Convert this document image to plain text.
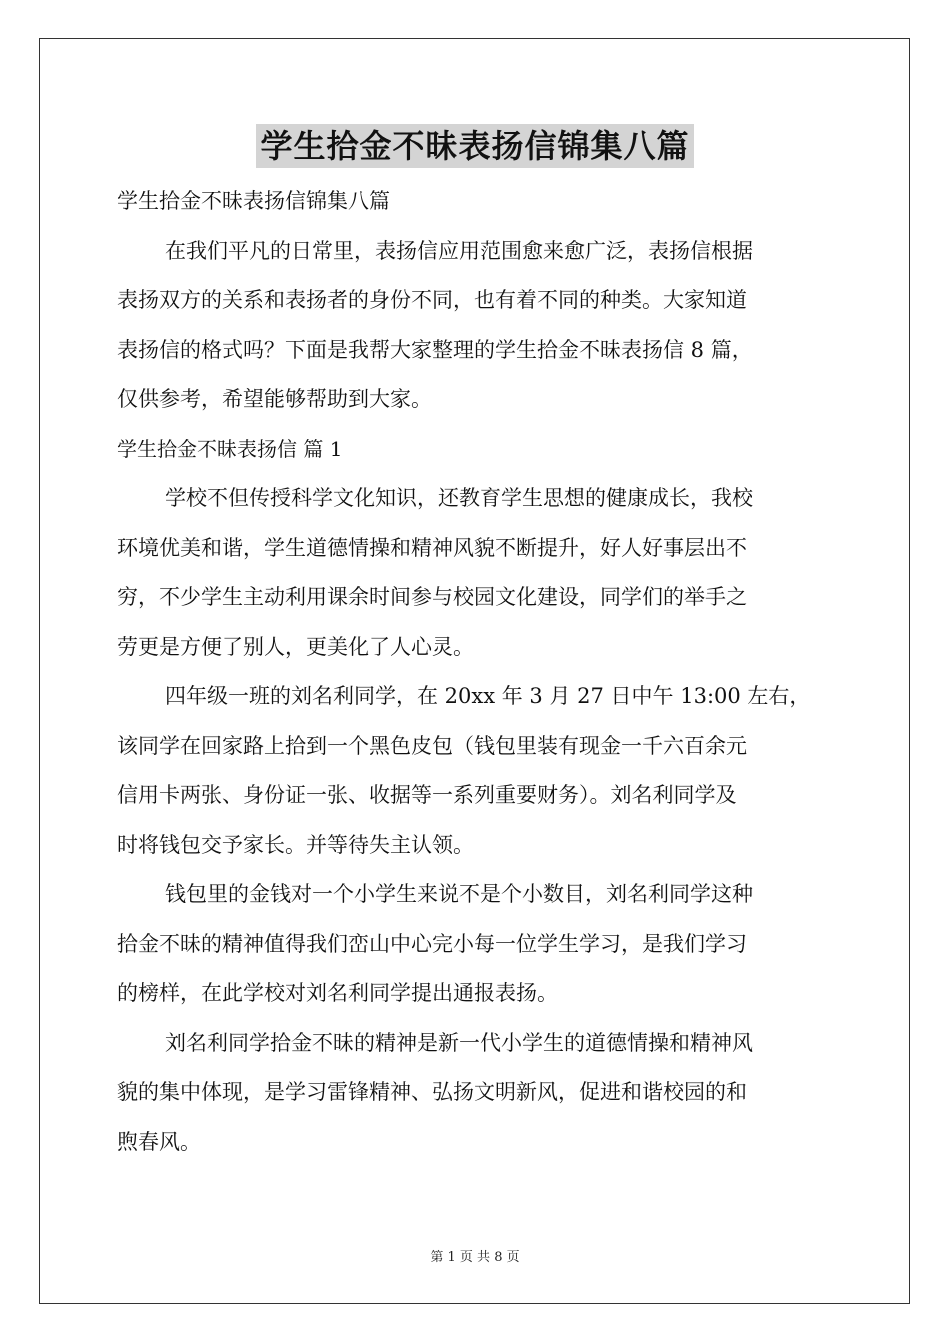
学生拾金不昧表扬信锦集八篇

学生拾金不昧表扬信锦集八篇

在我们平凡的日常里，表扬信应用范围愈来愈广泛，表扬信根据

表扬双方的关系和表扬者的身份不同，也有着不同的种类。大家知道

表扬信的格式吗？下面是我帮大家整理的学生拾金不昧表扬信 8 篇，

仅供参考，希望能够帮助到大家。

学生拾金不昧表扬信 篇 1

学校不但传授科学文化知识，还教育学生思想的健康成长，我校

环境优美和谐，学生道德情操和精神风貌不断提升，好人好事层出不

穷，不少学生主动利用课余时间参与校园文化建设，同学们的举手之

劳更是方便了别人，更美化了人心灵。

四年级一班的刘名利同学，在 20xx 年 3 月 27 日中午 13:00 左右，

该同学在回家路上拾到一个黑色皮包（钱包里装有现金一千六百余元

信用卡两张、身份证一张、收据等一系列重要财务）。刘名利同学及

时将钱包交予家长。并等待失主认领。

钱包里的金钱对一个小学生来说不是个小数目，刘名利同学这种

拾金不昧的精神值得我们峦山中心完小每一位学生学习，是我们学习

的榜样，在此学校对刘名利同学提出通报表扬。

刘名利同学拾金不昧的精神是新一代小学生的道德情操和精神风

貌的集中体现，是学习雷锋精神、弘扬文明新风，促进和谐校园的和

煦春风。

第 1 页 共 8 页
